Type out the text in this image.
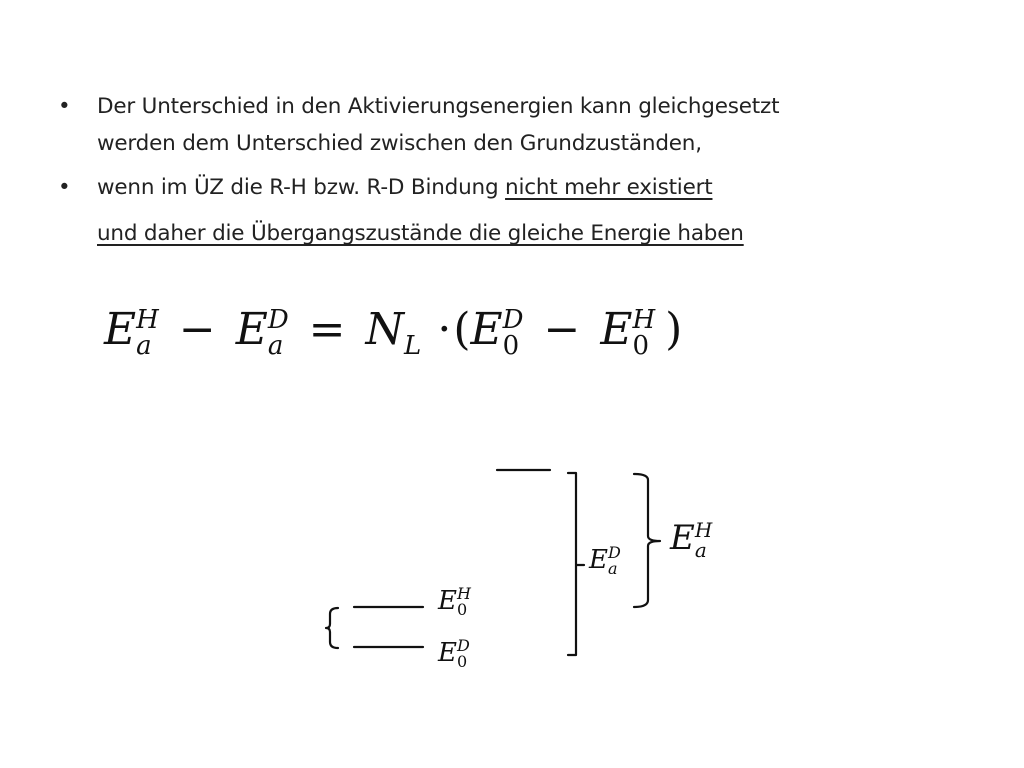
• Der Unterschied in den Aktivierungsenergien kann gleichgesetzt
werden dem Unterschied zwischen den Grundzuständen,
• wenn im ÜZ die R-H bzw. R-D Bindung nicht mehr existiert
und daher die Übergangszustände die gleiche Energie haben
E H
a − E D
a = N L ·(E D
0 − E H
0 )
E H
0
E D
0
E D
a
E H
a
